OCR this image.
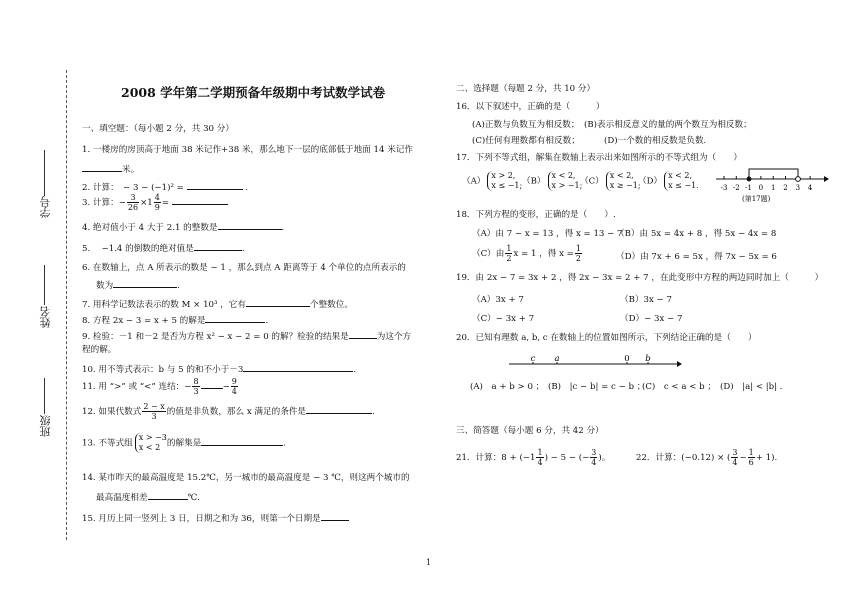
学号
姓名
班级
2008 学年第二学期预备年级期中考试数学试卷
一、填空题：（每小题 2 分，共 30 分）
1. 一楼房的房顶高于地面 38 米记作+38 米，那么地下一层的底部低于地面 14 米记作
米。
2. 计算：　− 3 − (−1)² =	.
3. 计算：− $\frac{3}{26} \times 1 \frac{4}{9}$ =
4. 绝对值小于 4 大于 2.1 的整数是	.
5. 　−1.4 的倒数的绝对值是	.
6. 在数轴上，点 A 所表示的数是 − 1 ，那么到点 A 距离等于 4 个单位的点所表示的
数为	.
7. 用科学记数法表示的数 M × 10³ ，它有	个整数位。
8. 方程 2x − 3 = x + 5 的解是	.
9. 检验：－1 和－2 是否为方程 x² − x − 2 = 0 的解？检验的结果是	为这个方
程的解。
10. 用不等式表示：b 与 5 的和不小于－3	.
11. 用 “>” 或 “<” 连结：− $\frac{8}{3}$	− $\frac{9}{4}$
12. 如果代数式 $\frac{2 - x}{3}$ 的值是非负数，那么 x 满足的条件是	.
13. 不等式组
x > −3
x < 2 的解集是	.
14. 某市昨天的最高温度是 15.2℃，另一城市的最高温度是 − 3 ℃，则这两个城市的
最高温度相差	℃.
15. 月历上同一竖列上 3 日，日期之和为 36，则第一个日期是
二、选择题（每题 2 分，共 10 分）
16．以下叙述中，正确的是（　　　）
(A)正数与负数互为相反数； (B)表示相反意义的量的两个数互为相反数；
(C)任何有理数都有相反数；	(D)一个数的相反数是负数.
17．下列不等式组，解集在数轴上表示出来如图所示的不等式组为（　　）
（A）
x > 2,
x ≤ −1; （B）
x < 2,
x > −1;
（C）
x < 2,
x ≥ −1;
（D）
x < 2,
x ≤ −1.	-3 -2 -1 0 1 2 3 4
(第17题)
18．下列方程的变形，正确的是（　　）.
（A）由 7 − x = 13 ，得 x = 13 − 7
（B）由 5x = 4x + 8 ，得 5x − 4x = 8
（C）由 $\frac{1}{2}$ x = 1 ，得 $x = \frac{1}{2}$	（D）由 7x + 6 = 5x ，得 7x − 5x = 6
19．由 2x − 7 = 3x + 2 ，得 2x − 3x = 2 + 7 ，在此变形中方程的两边同时加上（　　　）
（A）3x + 7	（B）3x − 7
（C）− 3x + 7	（D）− 3x − 7
20．已知有理数 a, b, c 在数轴上的位置如图所示，下列结论正确的是（　　）
c a	0 b
(A)　a + b > 0 ； (B)　|c − b| = c − b ；
(C)　c < a < b ； (D)　|a| < |b| .
三、简答题（每小题 6 分，共 42 分）
21．计算：$8 + (-1 \frac{1}{4}$ ) − 5 − (− $\frac{3}{4}$ )。	22．计算：(−0.12) × ( $\frac{3}{4} - \frac{1}{6} + 1$).
1
